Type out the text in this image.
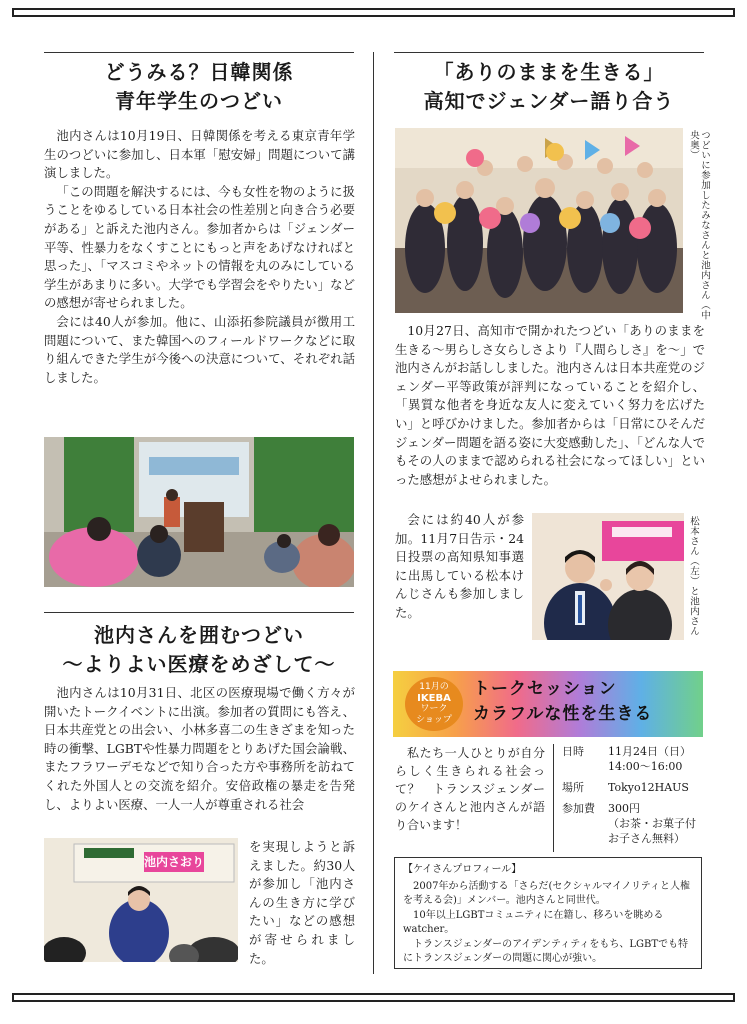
どうみる？日韓関係
青年学生のつどい

池内さんは10月19日、日韓関係を考える東京青年学生のつどいに参加し、日本軍「慰安婦」問題について講演しました。

「この問題を解決するには、今も女性を物のように扱うことをゆるしている日本社会の性差別と向き合う必要がある」と訴えた池内さん。参加者からは「ジェンダー平等、性暴力をなくすことにもっと声をあげなければと思った」、「マスコミやネットの情報を丸のみにしている学生があまりに多い。大学でも学習会をやりたい」などの感想が寄せられました。

会には40人が参加。他に、山添拓参院議員が徴用工問題について、また韓国へのフィールドワークなどに取り組んできた学生が今後への決意について、それぞれ話しました。

池内さんを囲むつどい
～よりよい医療をめざして～

池内さんは10月31日、北区の医療現場で働く方々が開いたトークイベントに出演。参加者の質問にも答え、日本共産党との出会い、小林多喜二の生きざまを知った時の衝撃、LGBTや性暴力問題をとりあげた国会論戦、またフラワーデモなどで知り合った方や事務所を訪ねてくれた外国人との交流を紹介。安倍政権の暴走を告発し、よりよい医療、一人一人が尊重される社会

池内さおり

を実現しようと訴えました。約30人が参加し「池内さんの生き方に学びたい」などの感想が寄せられました。

「ありのままを生きる」
高知でジェンダー語り合う
つどいに参加したみなさんと池内さん（中央奥）

10月27日、高知市で開かれたつどい「ありのままを生きる～男らしさ女らしさより『人間らしさ』を～」で池内さんがお話ししました。池内さんは日本共産党のジェンダー平等政策が評判になっていることを紹介し、「異質な他者を身近な友人に変えていく努力を広げたい」と呼びかけました。参加者からは「日常にひそんだジェンダー問題を語る姿に大変感動した」、「どんな人でもその人のままで認められる社会になってほしい」といった感想がよせられました。

会には約40人が参加。11月7日告示・24日投票の高知県知事選に出馬している松本けんじさんも参加しました。	松本さん（左）と池内さん
11月の
IKEBA
ワーク
ショップ
トークセッション
カラフルな性を生きる

私たち一人ひとりが自分らしく生きられる社会って？　トランスジェンダーのケイさんと池内さんが語り合います！

日時	11月24日（日）14:00～16:00
場所	Tokyo12HAUS
参加費	300円
（お茶・お菓子付　お子さん無料）

【ケイさんプロフィール】

2007年から活動する「さらだ(セクシャルマイノリティと人権を考える会)」メンバー。池内さんと同世代。

10年以上LGBTコミュニティに在籍し、移ろいを眺めるwatcher。

トランスジェンダーのアイデンティティをもち、LGBTでも特にトランスジェンダーの問題に関心が強い。
